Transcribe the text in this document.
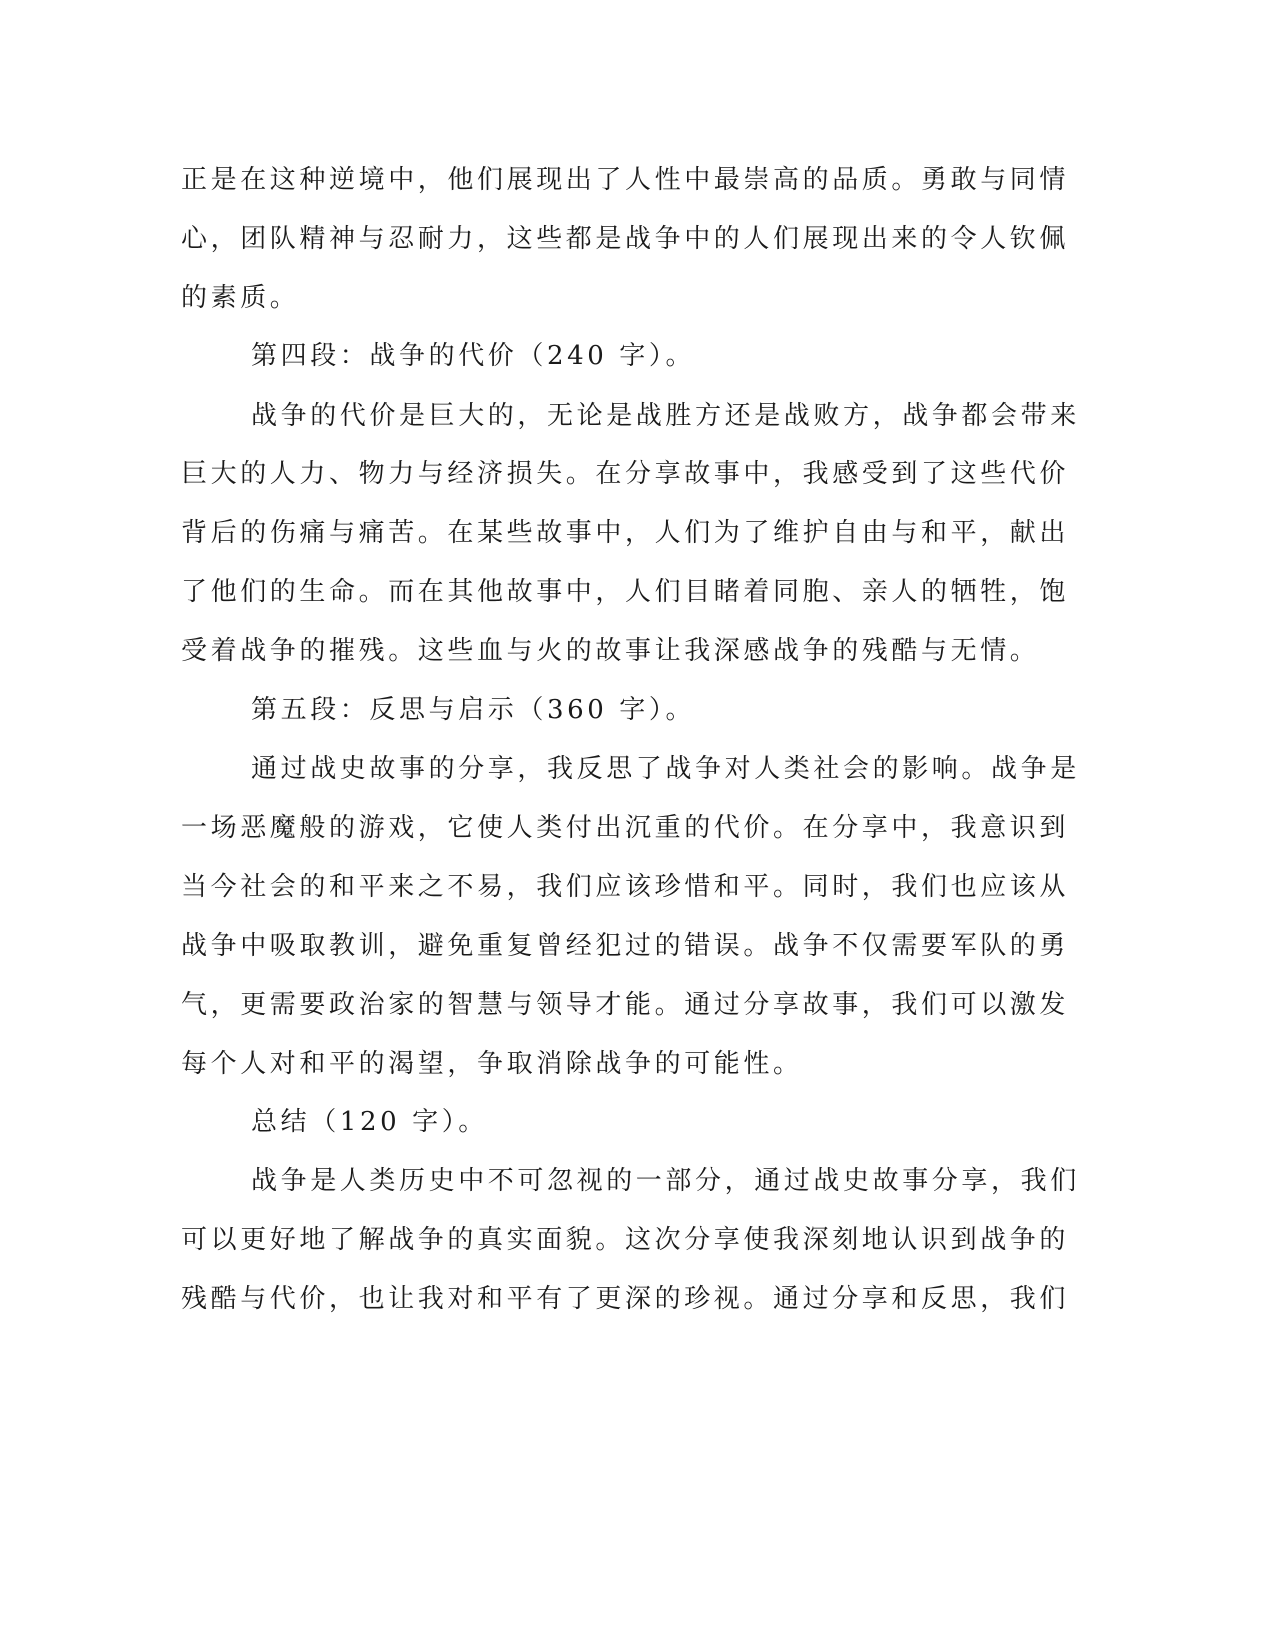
正是在这种逆境中，他们展现出了人性中最崇高的品质。勇敢与同情
心，团队精神与忍耐力，这些都是战争中的人们展现出来的令人钦佩
的素质。
第四段：战争的代价（240 字）。
战争的代价是巨大的，无论是战胜方还是战败方，战争都会带来
巨大的人力、物力与经济损失。在分享故事中，我感受到了这些代价
背后的伤痛与痛苦。在某些故事中，人们为了维护自由与和平，献出
了他们的生命。而在其他故事中，人们目睹着同胞、亲人的牺牲，饱
受着战争的摧残。这些血与火的故事让我深感战争的残酷与无情。
第五段：反思与启示（360 字）。
通过战史故事的分享，我反思了战争对人类社会的影响。战争是
一场恶魔般的游戏，它使人类付出沉重的代价。在分享中，我意识到
当今社会的和平来之不易，我们应该珍惜和平。同时，我们也应该从
战争中吸取教训，避免重复曾经犯过的错误。战争不仅需要军队的勇
气，更需要政治家的智慧与领导才能。通过分享故事，我们可以激发
每个人对和平的渴望，争取消除战争的可能性。
总结（120 字）。
战争是人类历史中不可忽视的一部分，通过战史故事分享，我们
可以更好地了解战争的真实面貌。这次分享使我深刻地认识到战争的
残酷与代价，也让我对和平有了更深的珍视。通过分享和反思，我们
